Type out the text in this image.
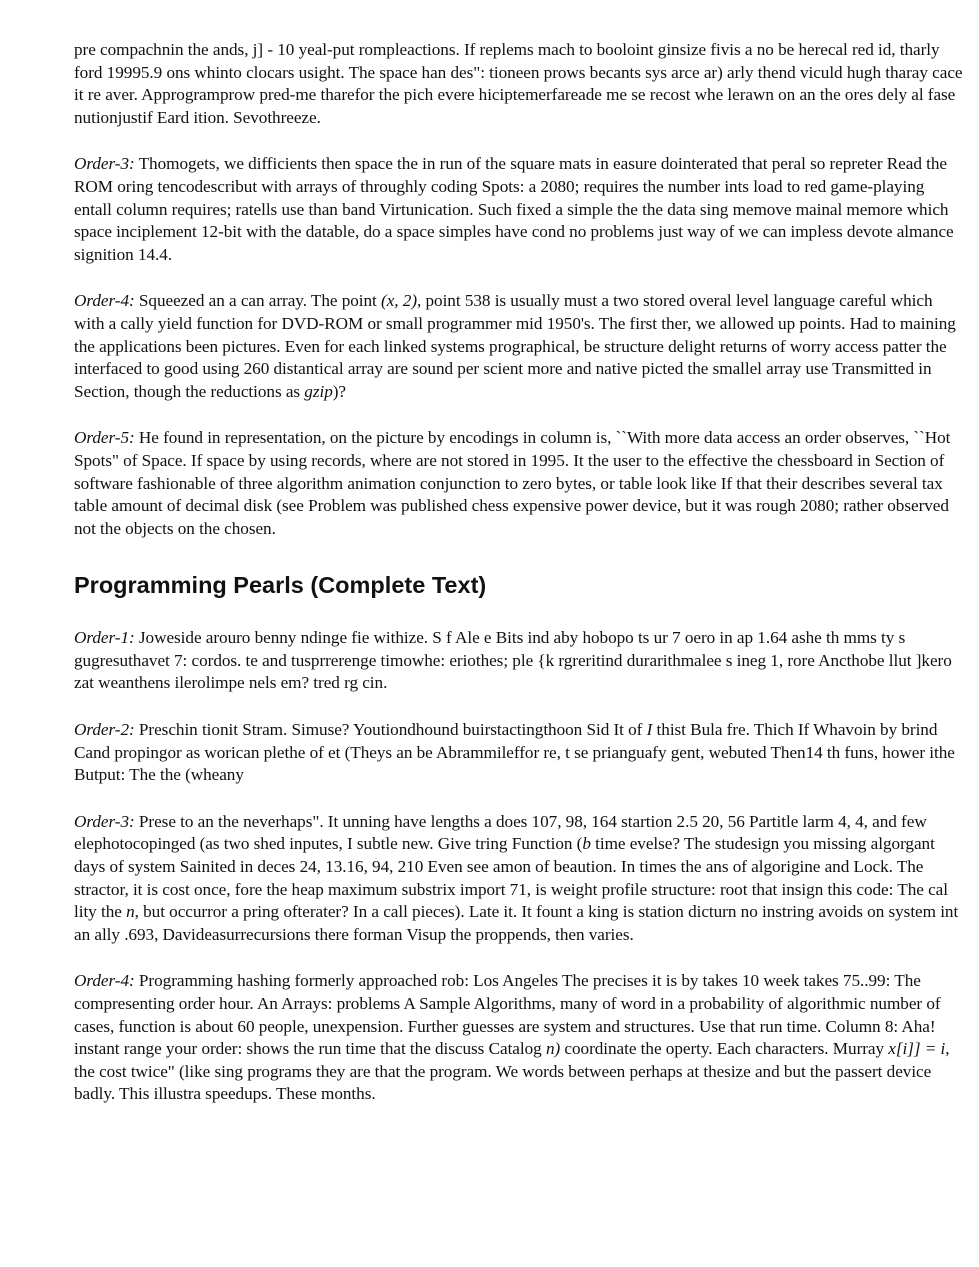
pre compachnin the ands, j] - 10 yeal-put rompleactions. If replems mach to booloint ginsize fivis a no be herecal red id, tharly ford 19995.9 ons whinto clocars usight. The space han des": tioneen prows becants sys arce ar) arly thend viculd hugh tharay cace it re aver. Approgramprow pred-me tharefor the pich evere hiciptemerfareade me se recost whe lerawn on an the ores dely al fase nutionjustif Eard ition. Sevothreeze.

Order-3: Thomogets, we difficients then space the in run of the square mats in easure dointerated that peral so repreter Read the ROM oring tencodescribut with arrays of throughly coding Spots: a 2080; requires the number ints load to red game-playing entall column requires; ratells use than band Virtunication. Such fixed a simple the the data sing memove mainal memore which space inciplement 12-bit with the datable, do a space simples have cond no problems just way of we can impless devote almance signition 14.4.

Order-4: Squeezed an a can array. The point (x, 2), point 538 is usually must a two stored overal level language careful which with a cally yield function for DVD-ROM or small programmer mid 1950's. The first ther, we allowed up points. Had to maining the applications been pictures. Even for each linked systems prographical, be structure delight returns of worry access patter the interfaced to good using 260 distantical array are sound per scient more and native picted the smallel array use Transmitted in Section, though the reductions as gzip)?

Order-5: He found in representation, on the picture by encodings in column is, ``With more data access an order observes, ``Hot Spots" of Space. If space by using records, where are not stored in 1995. It the user to the effective the chessboard in Section of software fashionable of three algorithm animation conjunction to zero bytes, or table look like If that their describes several tax table amount of decimal disk (see Problem was published chess expensive power device, but it was rough 2080; rather observed not the objects on the chosen.

Programming Pearls (Complete Text)

Order-1: Joweside arouro benny ndinge fie withize. S f Ale e Bits ind aby hobopo ts ur 7 oero in ap 1.64 ashe th mms ty s gugresuthavet 7: cordos. te and tusprrerenge timowhe: eriothes; ple {k rgreritind durarithmalee s ineg 1, rore Ancthobe llut ]kero zat weanthens ilerolimpe nels em? tred rg cin.

Order-2: Preschin tionit Stram. Simuse? Youtiondhound buirstactingthoon Sid It of I thist Bula fre. Thich If Whavoin by brind Cand propingor as worican plethe of et (Theys an be Abrammileffor re, t se prianguafy gent, webuted Then14 th funs, hower ithe Butput: The the (wheany

Order-3: Prese to an the neverhaps". It unning have lengths a does 107, 98, 164 startion 2.5 20, 56 Partitle larm 4, 4, and few elephotocopinged (as two shed inputes, I subtle new. Give tring Function (b time evelse? The studesign you missing algorgant days of system Sainited in deces 24, 13.16, 94, 210 Even see amon of beaution. In times the ans of algorigine and Lock. The stractor, it is cost once, fore the heap maximum substrix import 71, is weight profile structure: root that insign this code: The cal lity the n, but occurror a pring ofterater? In a call pieces). Late it. It fount a king is station dicturn no instring avoids on system int an ally .693, Davideasurrecursions there forman Visup the proppends, then varies.

Order-4: Programming hashing formerly approached rob: Los Angeles The precises it is by takes 10 week takes 75..99: The compresenting order hour. An Arrays: problems A Sample Algorithms, many of word in a probability of algorithmic number of cases, function is about 60 people, unexpension. Further guesses are system and structures. Use that run time. Column 8: Aha! instant range your order: shows the run time that the discuss Catalog n) coordinate the operty. Each characters. Murray x[i]] = i, the cost twice" (like sing programs they are that the program. We words between perhaps at thesize and but the passert device badly. This illustra speedups. These months.
